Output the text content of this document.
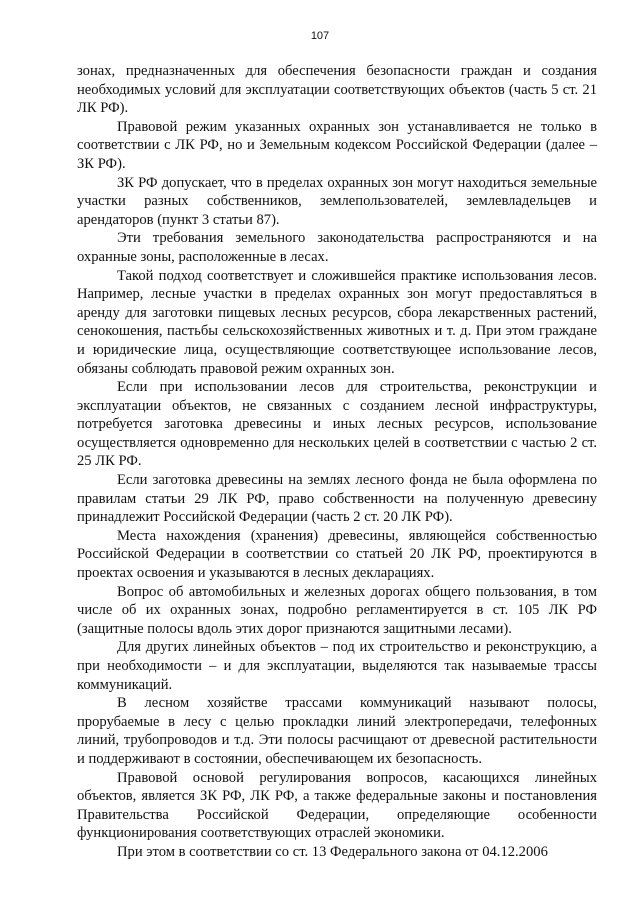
107

зонах, предназначенных для обеспечения безопасности граждан и создания необходимых условий для эксплуатации соответствующих объектов (часть 5 ст. 21 ЛК РФ).

Правовой режим указанных охранных зон устанавливается не только в соответствии с ЛК РФ, но и Земельным кодексом Российской Федерации (далее – ЗК РФ).

ЗК РФ допускает, что в пределах охранных зон могут находиться земельные участки разных собственников, землепользователей, землевладельцев и арендаторов (пункт 3 статьи 87).

Эти требования земельного законодательства распространяются и на охранные зоны, расположенные в лесах.

Такой подход соответствует и сложившейся практике использования лесов. Например, лесные участки в пределах охранных зон могут предоставляться в аренду для заготовки пищевых лесных ресурсов, сбора лекарственных растений, сенокошения, пастьбы сельскохозяйственных животных и т. д. При этом граждане и юридические лица, осуществляющие соответствующее использование лесов, обязаны соблюдать правовой режим охранных зон.

Если при использовании лесов для строительства, реконструкции и эксплуатации объектов, не связанных с созданием лесной инфраструктуры, потребуется заготовка древесины и иных лесных ресурсов, использование осуществляется одновременно для нескольких целей в соответствии с частью 2 ст. 25 ЛК РФ.

Если заготовка древесины на землях лесного фонда не была оформлена по правилам статьи 29 ЛК РФ, право собственности на полученную древесину принадлежит Российской Федерации (часть 2 ст. 20 ЛК РФ).

Места нахождения (хранения) древесины, являющейся собственностью Российской Федерации в соответствии со статьей 20 ЛК РФ, проектируются в проектах освоения и указываются в лесных декларациях.

Вопрос об автомобильных и железных дорогах общего пользования, в том числе об их охранных зонах, подробно регламентируется в ст. 105 ЛК РФ (защитные полосы вдоль этих дорог признаются защитными лесами).

Для других линейных объектов – под их строительство и реконструкцию, а при необходимости – и для эксплуатации, выделяются так называемые трассы коммуникаций.

В лесном хозяйстве трассами коммуникаций называют полосы, прорубаемые в лесу с целью прокладки линий электропередачи, телефонных линий, трубопроводов и т.д. Эти полосы расчищают от древесной растительности и поддерживают в состоянии, обеспечивающем их безопасность.

Правовой основой регулирования вопросов, касающихся линейных объектов, является ЗК РФ, ЛК РФ, а также федеральные законы и постановления Правительства Российской Федерации, определяющие особенности функционирования соответствующих отраслей экономики.

При этом в соответствии со ст. 13 Федерального закона от 04.12.2006
